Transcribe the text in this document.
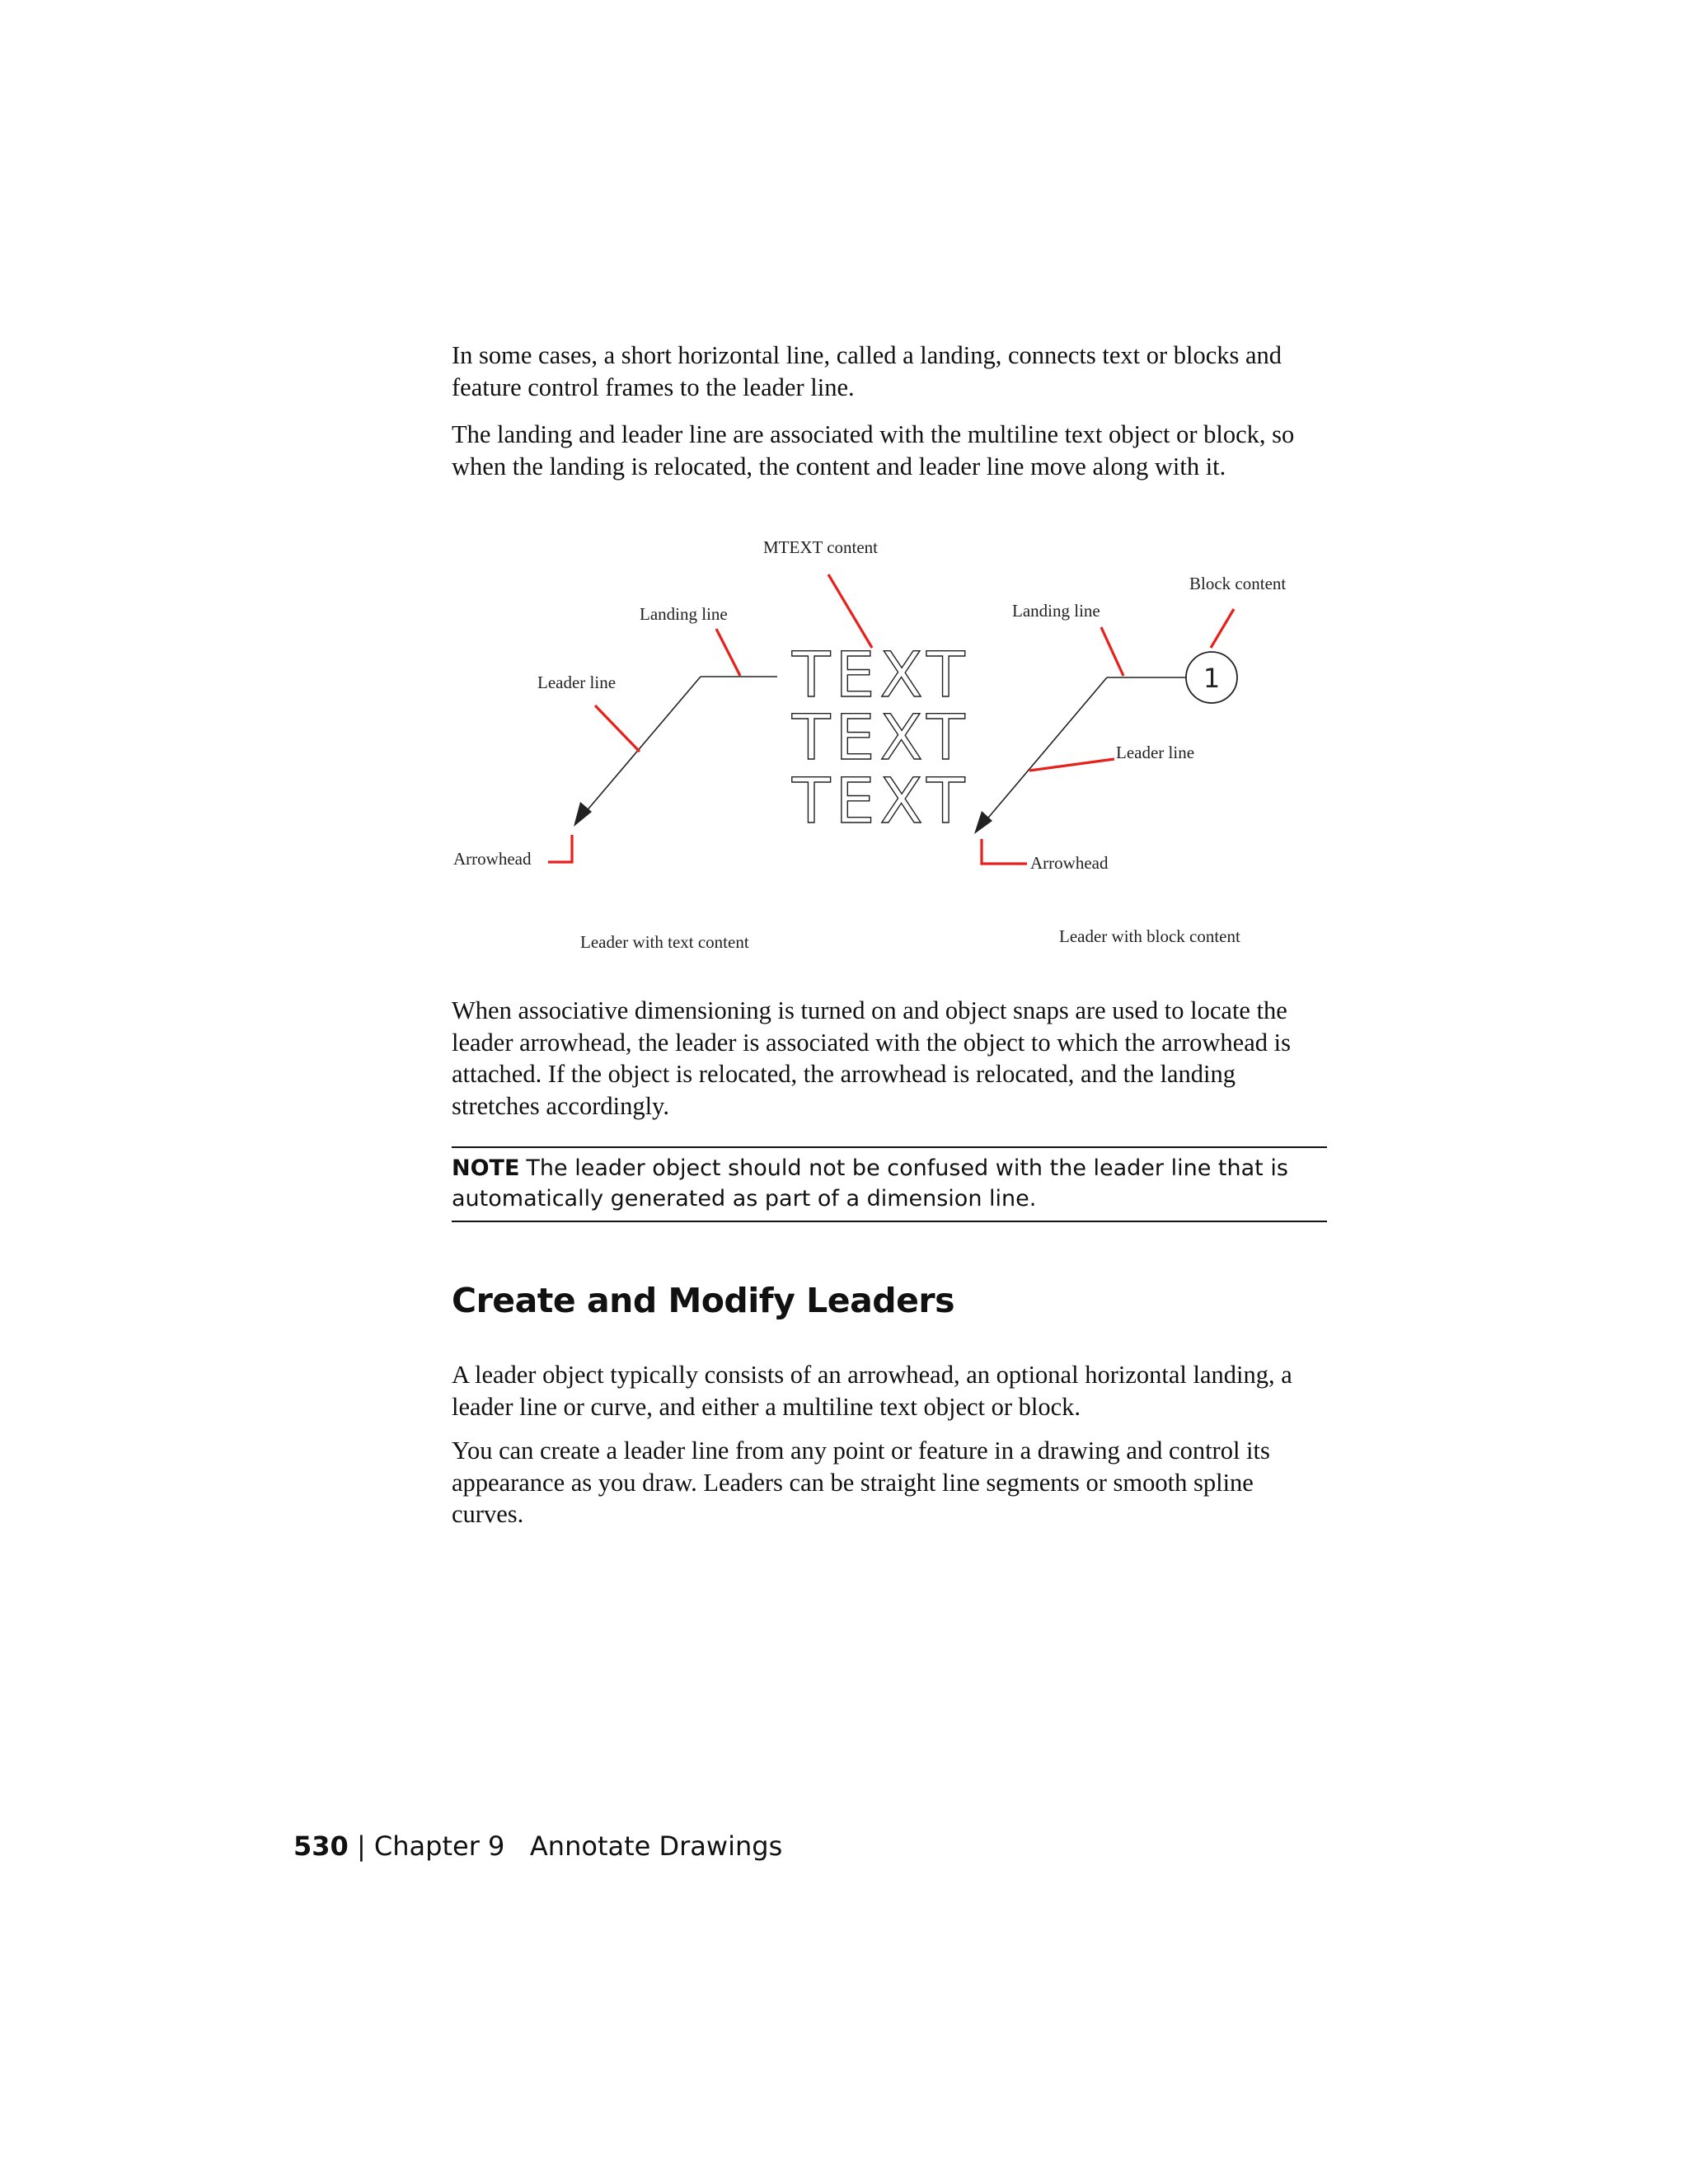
In some cases, a short horizontal line, called a landing, connects text or blocks and feature control frames to the leader line.

The landing and leader line are associated with the multiline text object or block, so when the landing is relocated, the content and leader line move along with it.

MTEXT content
Landing line
Leader line
Arrowhead
TEXT
TEXT
TEXT
Leader with text content
Block content
Landing line
Leader line
Arrowhead
1
Leader with block content

When associative dimensioning is turned on and object snaps are used to locate the leader arrowhead, the leader is associated with the object to which the arrowhead is attached. If the object is relocated, the arrowhead is relocated, and the landing stretches accordingly.

NOTE The leader object should not be confused with the leader line that is automatically generated as part of a dimension line.
Create and Modify Leaders

A leader object typically consists of an arrowhead, an optional horizontal landing, a leader line or curve, and either a multiline text object or block.

You can create a leader line from any point or feature in a drawing and control its appearance as you draw. Leaders can be straight line segments or smooth spline curves.

530 | Chapter 9   Annotate Drawings
